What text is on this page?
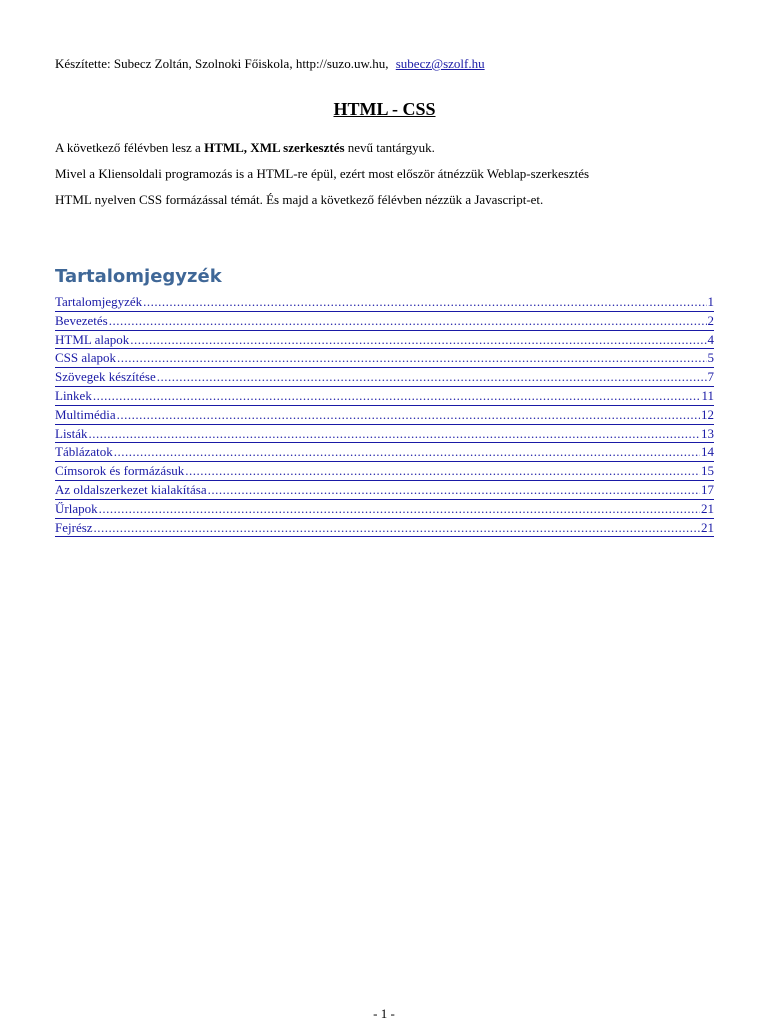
Készítette: Subecz Zoltán, Szolnoki Főiskola, http://suzo.uw.hu, subecz@szolf.hu
HTML - CSS

A következő félévben lesz a HTML, XML szerkesztés nevű tantárgyuk.

Mivel a Kliensoldali programozás is a HTML-re épül, ezért most először átnézzük Weblap-szerkesztés

HTML nyelven CSS formázással témát. És majd a következő félévben nézzük a Javascript-et.

Tartalomjegyzék
Tartalomjegyzék .....	1
Bevezetés .....	2
HTML alapok .....	4
CSS alapok .....	5
Szövegek készítése .....	7
Linkek .....	11
Multimédia .....	12
Listák .....	13
Táblázatok .....	14
Címsorok és formázásuk .....	15
Az oldalszerkezet kialakítása .....	17
Űrlapok .....	21
Fejrész .....	21
- 1 -
